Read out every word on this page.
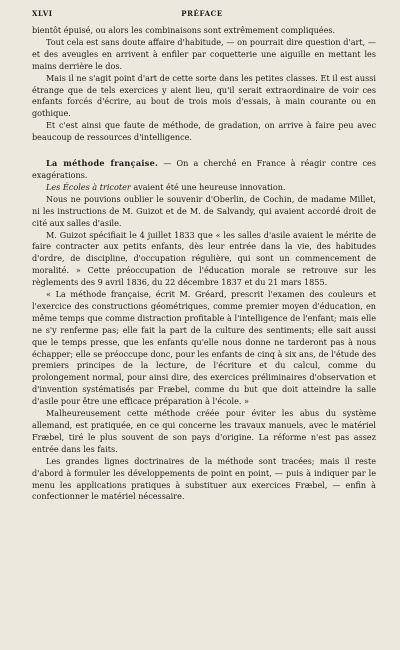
XLVI	PRÉFACE

bientôt épuisé, ou alors les combinaisons sont extrêmement compliquées.

Tout cela est sans doute affaire d'habitude, — on pourrait dire question d'art, — et des aveugles en arrivent à enfiler par coquetterie une aiguille en mettant les mains derrière le dos.

Mais il ne s'agit point d'art de cette sorte dans les petites classes. Et il est aussi étrange que de tels exercices y aient lieu, qu'il serait extraordinaire de voir ces enfants forcés d'écrire, au bout de trois mois d'essais, à main courante ou en gothique.

Et c'est ainsi que faute de méthode, de gradation, on arrive à faire peu avec beaucoup de ressources d'intelligence.

La méthode française. — On a cherché en France à réagir contre ces exagérations.

Les Écoles à tricoter avaient été une heureuse innovation.

Nous ne pouvions oublier le souvenir d'Oberlin, de Cochin, de madame Millet, ni les instructions de M. Guizot et de M. de Salvandy, qui avaient accordé droit de cité aux salles d'asile.

M. Guizot spécifiait le 4 juillet 1833 que « les salles d'asile avaient le mérite de faire contracter aux petits enfants, dès leur entrée dans la vie, des habitudes d'ordre, de discipline, d'occupation régulière, qui sont un commencement de moralité. » Cette préoccupation de l'éducation morale se retrouve sur les règlements des 9 avril 1836, du 22 décembre 1837 et du 21 mars 1855.

« La méthode française, écrit M. Gréard, prescrit l'examen des couleurs et l'exercice des constructions géométriques, comme premier moyen d'éducation, en même temps que comme distraction profitable à l'intelligence de l'enfant; mais elle ne s'y renferme pas; elle fait la part de la culture des sentiments; elle sait aussi que le temps presse, que les enfants qu'elle nous donne ne tarderont pas à nous échapper; elle se préoccupe donc, pour les enfants de cinq à six ans, de l'étude des premiers principes de la lecture, de l'écriture et du calcul, comme du prolongement normal, pour ainsi dire, des exercices préliminaires d'observation et d'invention systématisés par Fræbel, comme du but que doit atteindre la salle d'asile pour être une efficace préparation à l'école. »

Malheureusement cette méthode créée pour éviter les abus du système allemand, est pratiquée, en ce qui concerne les travaux manuels, avec le matériel Fræbel, tiré le plus souvent de son pays d'origine. La réforme n'est pas assez entrée dans les faits.

Les grandes lignes doctrinaires de la méthode sont tracées; mais il reste d'abord à formuler les développements de point en point, — puis à indiquer par le menu les applications pratiques à substituer aux exercices Fræbel, — enfin à confectionner le matériel nécessaire.
